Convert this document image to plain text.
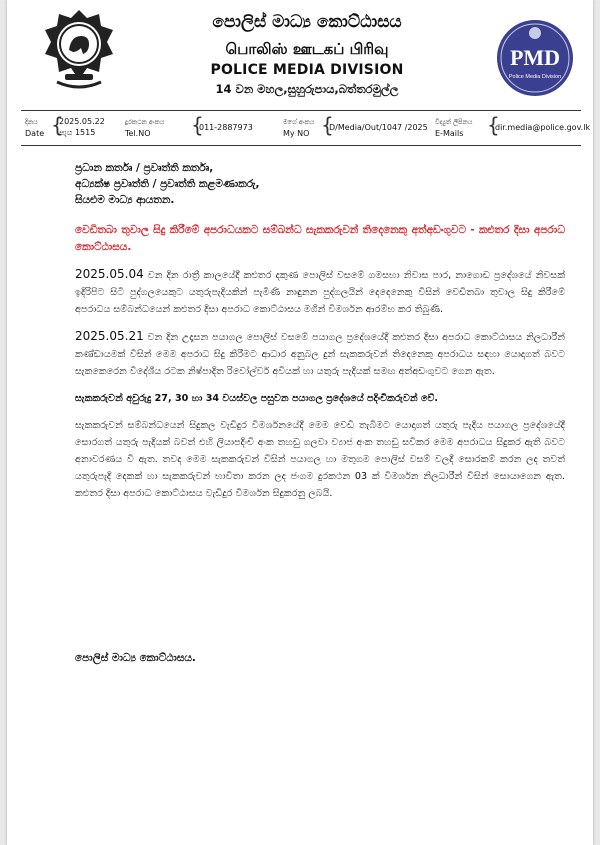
පොලිස් මාධ්‍ය කොට්ඨාසය
பொலிஸ் ஊடகப் பிரிவு
POLICE MEDIA DIVISION
14 වන මහල,සුහුරුපාය,බත්තරමුල්ල
PMD
Police Media Division
දිනය
Date {
2025.05.22
පැය 1515
දුරකථන අංකය
Tel.NO	{
011-2887973
මගේ අංකය
My NO {
D/Media/Out/1047 /2025
විද්‍යුත් ලිපිනය
E-Mails	{
dir.media@police.gov.lk

ප්‍රධාන කර්තෘ / ප්‍රවෘත්ති කර්තෘ,

අධ්‍යක්ෂ ප්‍රවෘත්ති / ප්‍රවෘත්ති කළමණාකරු,

සියළුම මාධ්‍ය ආයතන.

වෙඩිතබා තුවාල සිදු කිරීමේ අපරාධයකට සම්බන්ධ සැකකරුවන් තිදෙනෙකු අත්අඩංගුවට - කළුතර දිසා අපරාධ කොට්ඨාසය.

2025.05.04 වන දින රාත්‍රී කාලයේදී කළුතර දකුණ පොලිස් වසමේ ගමසභා නිවාස පාර, නාගොඩ ප්‍රදේශයේ නිවසක් ඉදිරිපිට සිටි පුද්ගලයෙකුට යතුරුපැදියකින් පැමිණි නාඳුනන පුද්ගලයින් දෙදෙනෙකු විසින් වෙඩිතබා තුවාල සිදු කිරීමේ අපරාධය සම්බන්ධයෙන් කළුතර දිසා අපරාධ කොට්ඨාසය මගින් විමර්ශන ආරම්භ කර තිබුණි.

2025.05.21 වන දින උදෑසන පයාගල පොලිස් වසමේ පයාගල ප්‍රදේශයේදී කළුතර දිසා අපරාධ කොට්ඨාසය නිලධාරීන් කණ්ඩායමක් විසින් මෙම අපරාධ සිදු කිරීමට ආධාර අනුබල දුන් සැකකරුවන් තිදෙනෙකු අපරාධය සඳහා යොදාගත් බවට සැකකෙරෙන විදේශීය රටක නිෂ්පාදිත රිවෝල්වර් අවියක් හා යතුරු පැදියක් සමඟ අත්අඩංගුවට ගෙන ඇත.

සැකකරුවන් අවුරුදු 27, 30 හා 34 වයස්වල පසුවන පයාගල ප්‍රදේශයේ පදිංචිකරුවන් වේ.

සැකකරුවන් සම්බන්ධයෙන් සිදුකල වැඩිදුර විමර්ශනයේදී මෙම වෙඩි තැබීමට යොදාගත් යතුරු පැදිය පයාගල ප්‍රදේශයේදී සොරගත් යතුරු පැදියක් බවත් එහි ලියාපදිංචි අංක තහඩු ගලවා ව්‍යාජ අංක තහඩු සවිකර මෙම අපරාධය සිදුකර ඇති බවට අනාවරණය වී ඇත. තවද මෙම සැකකරුවන් විසින් පයාගල හා මතුගම පොලිස් වසම් වලදී සොරකම් කරන ලද තවත් යතුරුපැදි දෙකක් හා සැකකරුවන් භාවිතා කරන ලද ජංගම දුරකථන 03 ක් විමර්ශන නිලධාරීන් විසින් සොයාගෙන ඇත. කළුතර දිසා අපරාධ කොට්ඨාසය වැඩිදුර විමර්ශන සිදුකරනු ලබයි.

පොලිස් මාධ්‍ය කොට්ඨාසය.
